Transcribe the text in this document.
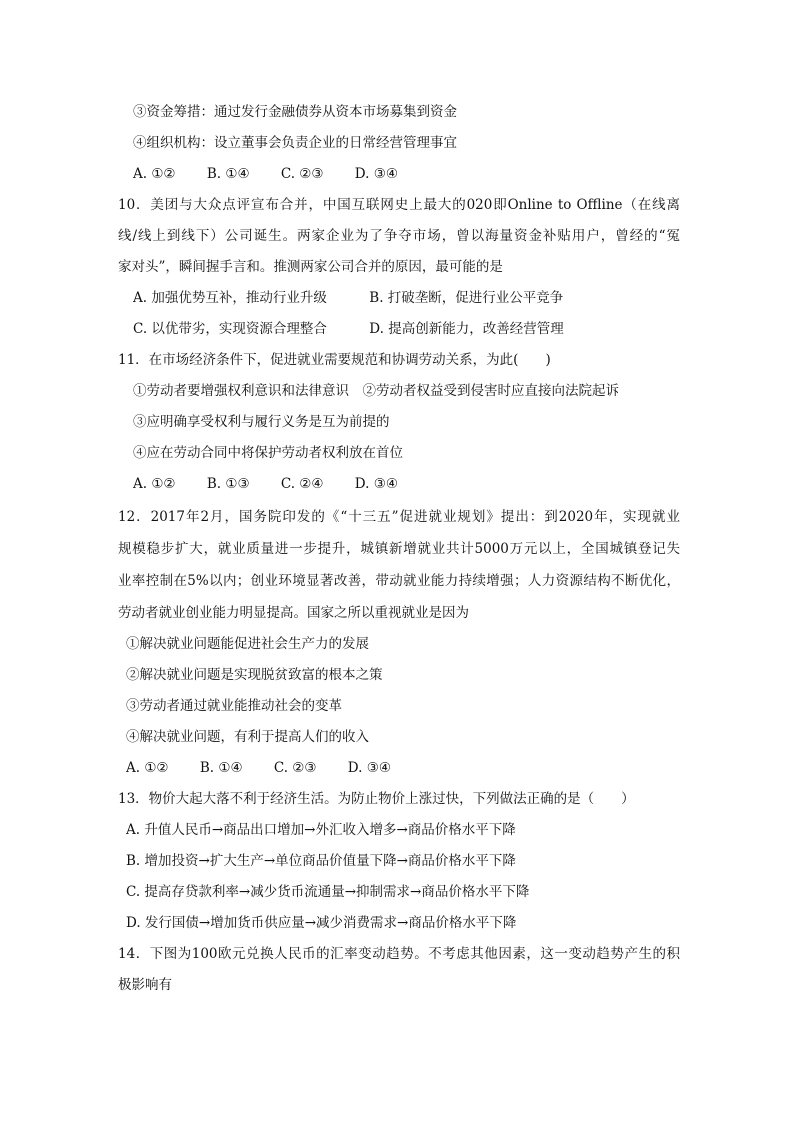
③资金筹措：通过发行金融债券从资本市场募集到资金
④组织机构：设立董事会负责企业的日常经营管理事宜
A. ①② B. ①④ C. ②③ D. ③④
10．美团与大众点评宣布合并，中国互联网史上最大的020即Online to Offline（在线离
线/线上到线下）公司诞生。两家企业为了争夺市场，曾以海量资金补贴用户，曾经的“冤
家对头”，瞬间握手言和。推测两家公司合并的原因，最可能的是
A. 加强优势互补，推动行业升级	B. 打破垄断，促进行业公平竞争
C. 以优带劣，实现资源合理整合	D. 提高创新能力，改善经营管理
11．在市场经济条件下，促进就业需要规范和协调劳动关系，为此(　　)
①劳动者要增强权利意识和法律意识　②劳动者权益受到侵害时应直接向法院起诉
③应明确享受权利与履行义务是互为前提的
④应在劳动合同中将保护劳动者权利放在首位
A. ①② B. ①③ C. ②④ D. ③④
12．2017年2月，国务院印发的《“十三五”促进就业规划》提出：到2020年，实现就业
规模稳步扩大，就业质量进一步提升，城镇新增就业共计5000万元以上，全国城镇登记失
业率控制在5%以内；创业环境显著改善，带动就业能力持续增强；人力资源结构不断优化，
劳动者就业创业能力明显提高。国家之所以重视就业是因为
①解决就业问题能促进社会生产力的发展
②解决就业问题是实现脱贫致富的根本之策
③劳动者通过就业能推动社会的变革
④解决就业问题，有利于提高人们的收入
A. ①② B. ①④ C. ②③ D. ③④
13．物价大起大落不利于经济生活。为防止物价上涨过快，下列做法正确的是（　　）
A. 升值人民币→商品出口增加→外汇收入增多→商品价格水平下降
B. 增加投资→扩大生产→单位商品价值量下降→商品价格水平下降
C. 提高存贷款利率→减少货币流通量→抑制需求→商品价格水平下降
D. 发行国债→增加货币供应量→减少消费需求→商品价格水平下降
14．下图为100欧元兑换人民币的汇率变动趋势。不考虑其他因素，这一变动趋势产生的积
极影响有
